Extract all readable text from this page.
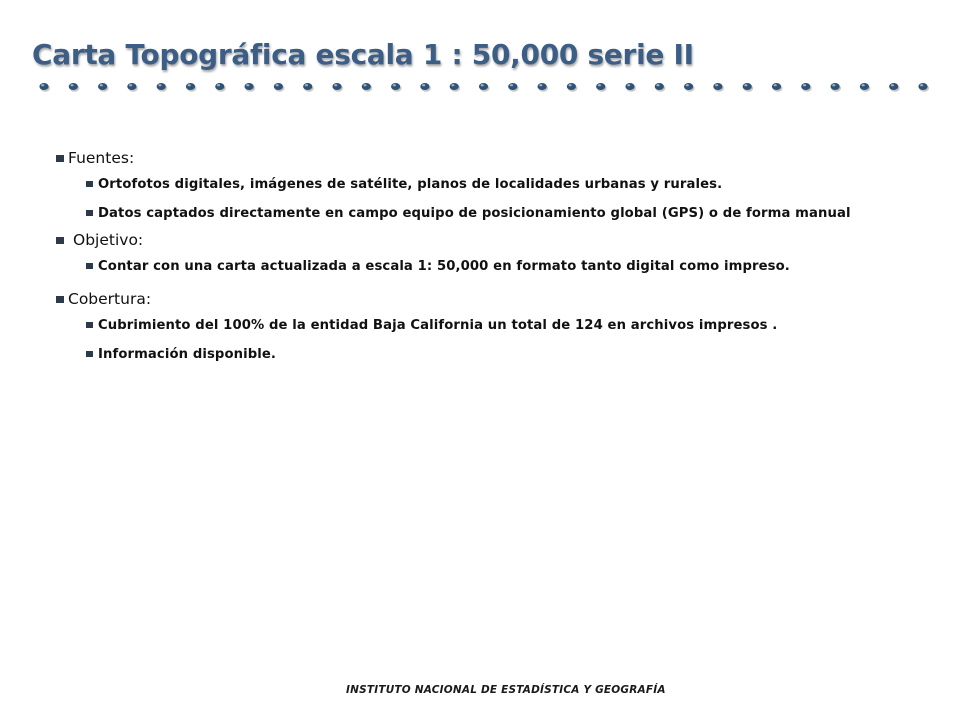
Carta Topográfica escala 1 : 50,000 serie II
Fuentes:
Ortofotos digitales, imágenes de satélite, planos de localidades urbanas y rurales.
Datos captados directamente en campo equipo de posicionamiento global (GPS) o de forma manual
Objetivo:
Contar con una carta actualizada a escala 1: 50,000 en formato tanto digital como impreso.
Cobertura:
Cubrimiento del 100% de la entidad Baja California un total de 124 en archivos impresos .
Información disponible.
INSTITUTO NACIONAL DE ESTADÍSTICA Y GEOGRAFÍA
